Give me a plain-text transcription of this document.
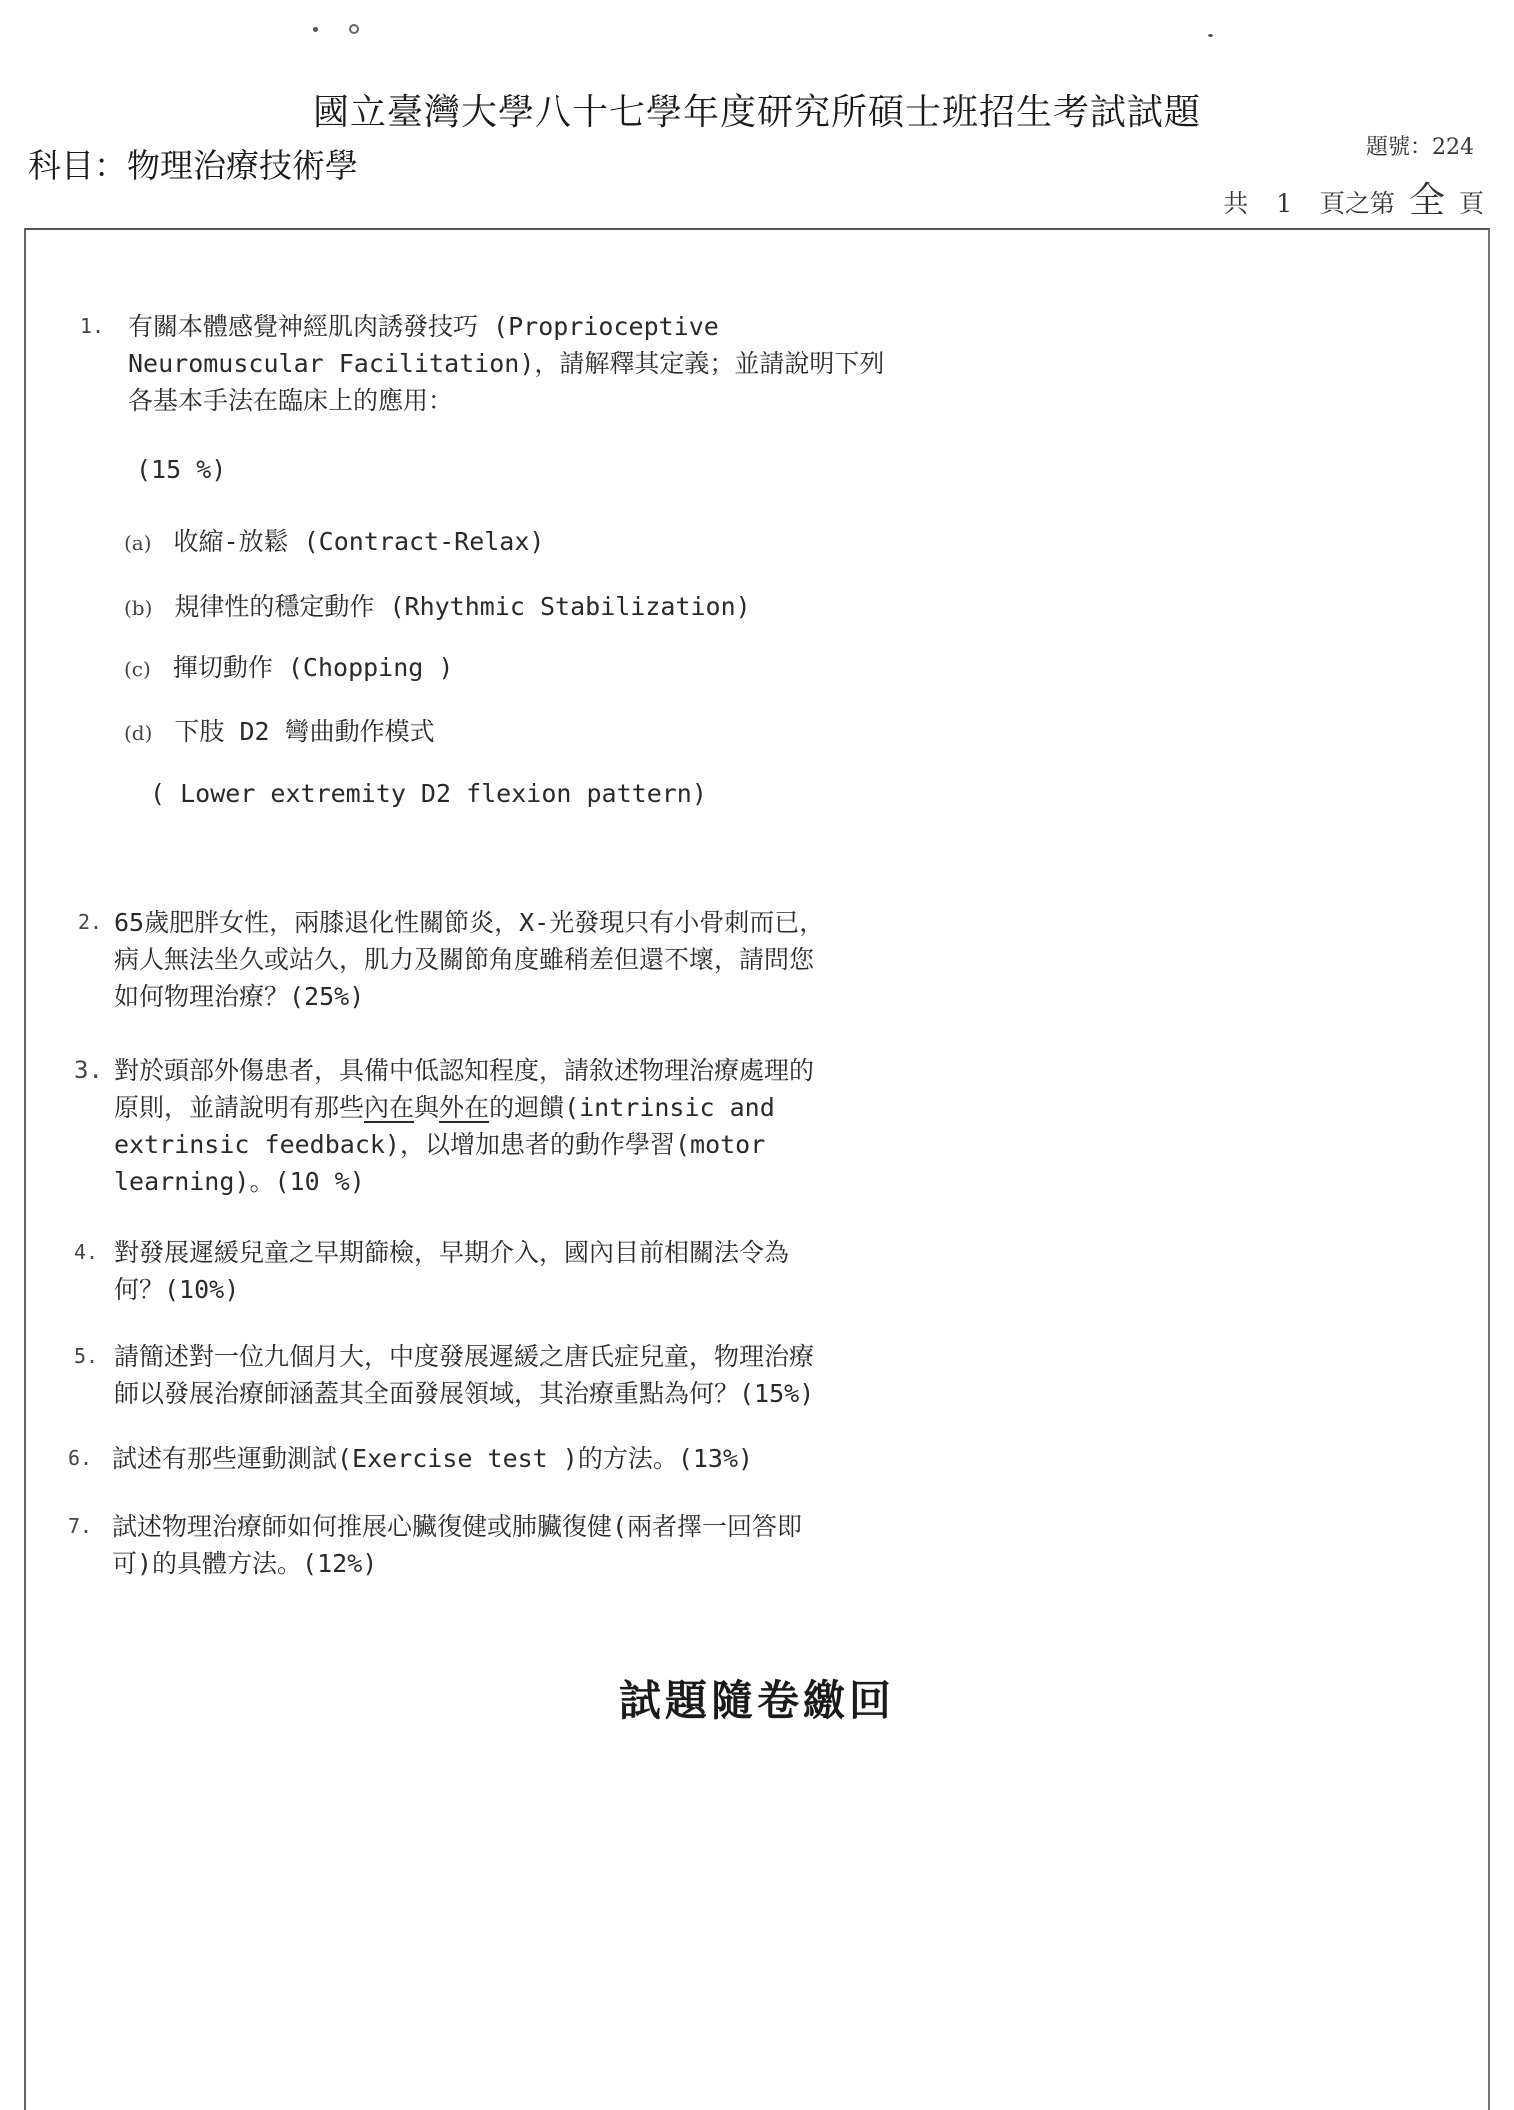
國立臺灣大學八十七學年度研究所碩士班招生考試試題
科目：物理治療技術學	題號：224
共 1 頁之第 全 頁
1. 有關本體感覺神經肌肉誘發技巧 (Proprioceptive
Neuromuscular Facilitation)，請解釋其定義；並請說明下列
各基本手法在臨床上的應用：
(15 %)
(a) 收縮-放鬆 (Contract-Relax)
(b) 規律性的穩定動作 (Rhythmic Stabilization)
(c) 揮切動作 (Chopping )
(d) 下肢 D2 彎曲動作模式
( Lower extremity D2 flexion pattern)
2. 65歲肥胖女性，兩膝退化性關節炎，X-光發現只有小骨刺而已，
病人無法坐久或站久，肌力及關節角度雖稍差但還不壞，請問您
如何物理治療？(25%)
3. 對於頭部外傷患者，具備中低認知程度，請敘述物理治療處理的
原則，並請說明有那些內在與外在的迴饋(intrinsic and
extrinsic feedback)，以增加患者的動作學習(motor
learning)。(10 %)
4. 對發展遲緩兒童之早期篩檢，早期介入，國內目前相關法令為
何？(10%)
5. 請簡述對一位九個月大，中度發展遲緩之唐氏症兒童，物理治療
師以發展治療師涵蓋其全面發展領域，其治療重點為何？(15%)
6. 試述有那些運動測試(Exercise test )的方法。(13%)
7. 試述物理治療師如何推展心臟復健或肺臟復健(兩者擇一回答即
可)的具體方法。(12%)
試題隨卷繳回
